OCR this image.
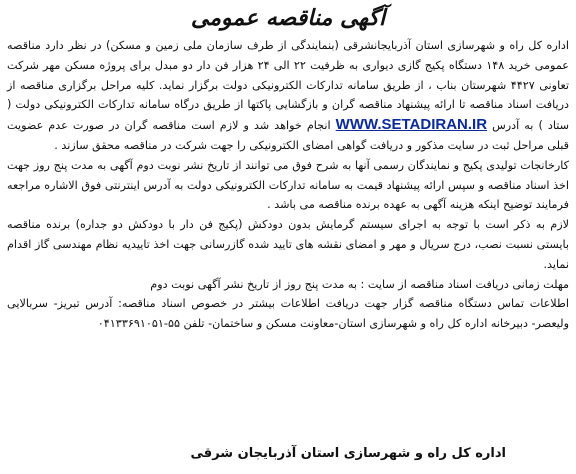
آگهی مناقصه عمومی

اداره کل راه و شهرسازی استان آذربایجانشرقی (بنمایندگی از طرف سازمان ملی زمین و مسکن) در نظر دارد مناقصه عمومی خرید ۱۴۸ دستگاه پکیج گازی دیواری به ظرفیت ۲۲ الی ۲۴ هزار فن دار دو مبدل برای پروژه مسکن مهر شرکت تعاونی ۴۴۲۷ شهرستان بناب ، از طریق سامانه تدارکات الکترونیکی دولت برگزار نماید. کلیه مراحل برگزاری مناقصه از دریافت اسناد مناقصه تا ارائه پیشنهاد مناقصه گران و بازگشایی پاکتها از طریق درگاه سامانه تدارکات الکترونیکی دولت ( ستاد ) به آدرس WWW.SETADIRAN.IR انجام خواهد شد و لازم است مناقصه گران در صورت عدم عضویت قبلی مراحل ثبت در سایت مذکور و دریافت گواهی امضای الکترونیکی را جهت شرکت در مناقصه محقق سازند .

کارخانجات تولیدی پکیج و نمایندگان رسمی آنها به شرح فوق می توانند از تاریخ نشر نوبت دوم آگهی به مدت پنج روز جهت اخذ اسناد مناقصه و سپس ارائه پیشنهاد قیمت به سامانه تدارکات الکترونیکی دولت به آدرس اینترنتی فوق الاشاره مراجعه فرمایند توضیح اینکه هزینه آگهی به عهده برنده مناقصه می باشد .

لازم به ذکر است با توجه به اجرای سیستم گرمایش بدون دودکش (پکیج فن دار با دودکش دو جداره) برنده مناقصه بایستی نسبت نصب، درج سریال و مهر و امضای نقشه های تایید شده گازرسانی جهت اخذ تاییدیه نظام مهندسی گاز اقدام نماید.

مهلت زمانی دریافت اسناد مناقصه از سایت : به مدت پنج روز از تاریخ نشر آگهی نوبت دوم

اطلاعات تماس دستگاه مناقصه گزار جهت دریافت اطلاعات بیشتر در خصوص اسناد مناقصه: آدرس تبریز- سربالایی ولیعصر- دبیرخانه اداره کل راه و شهرسازی استان-معاونت مسکن و ساختمان- تلفن ۵۵-۰۴۱۳۳۶۹۱۰۵۱

اداره کل راه و شهرسازی استان آذربایجان شرقی
